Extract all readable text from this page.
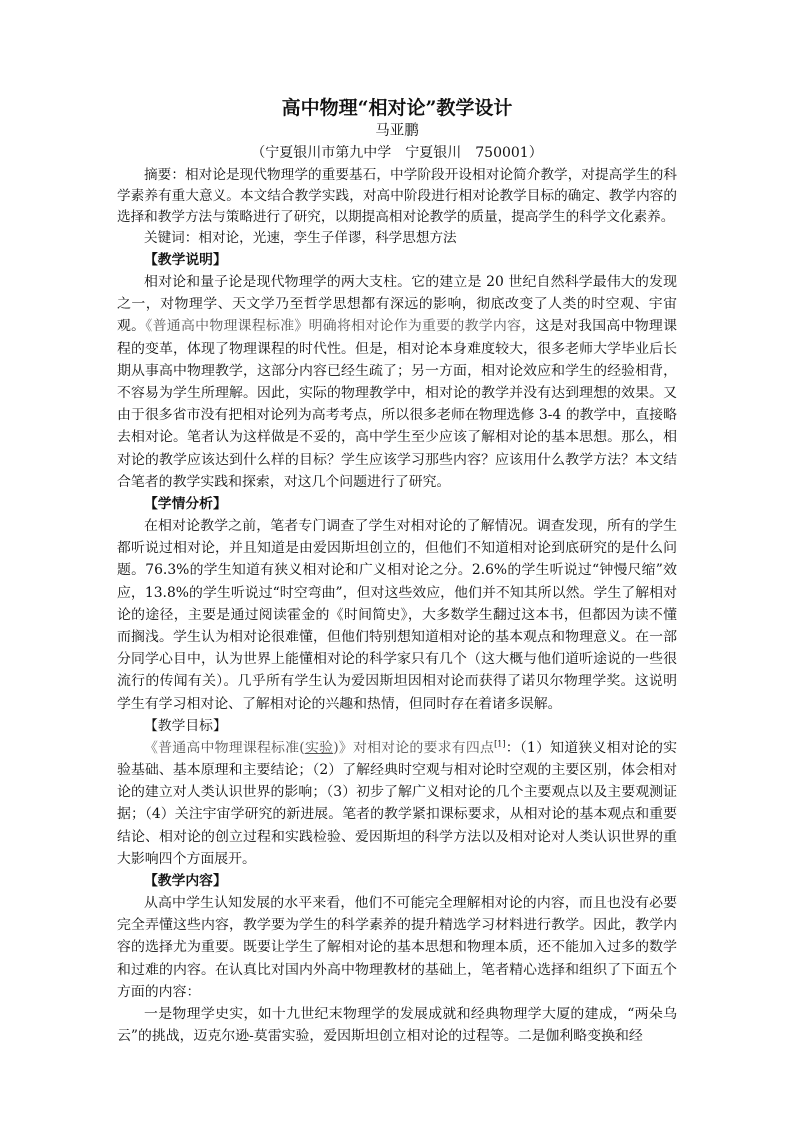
高中物理“相对论”教学设计
马亚鹏
（宁夏银川市第九中学　宁夏银川　750001）

摘要：相对论是现代物理学的重要基石，中学阶段开设相对论简介教学，对提高学生的科学素养有重大意义。本文结合教学实践，对高中阶段进行相对论教学目标的确定、教学内容的选择和教学方法与策略进行了研究，以期提高相对论教学的质量，提高学生的科学文化素养。

关键词：相对论，光速，孪生子佯谬，科学思想方法

【教学说明】

相对论和量子论是现代物理学的两大支柱。它的建立是 20 世纪自然科学最伟大的发现之一，对物理学、天文学乃至哲学思想都有深远的影响，彻底改变了人类的时空观、宇宙观。《普通高中物理课程标准》明确将相对论作为重要的教学内容，这是对我国高中物理课程的变革，体现了物理课程的时代性。但是，相对论本身难度较大，很多老师大学毕业后长期从事高中物理教学，这部分内容已经生疏了；另一方面，相对论效应和学生的经验相背，不容易为学生所理解。因此，实际的物理教学中，相对论的教学并没有达到理想的效果。又由于很多省市没有把相对论列为高考考点，所以很多老师在物理选修 3-4 的教学中，直接略去相对论。笔者认为这样做是不妥的，高中学生至少应该了解相对论的基本思想。那么，相对论的教学应该达到什么样的目标？学生应该学习那些内容？应该用什么教学方法？本文结合笔者的教学实践和探索，对这几个问题进行了研究。

【学情分析】

在相对论教学之前，笔者专门调查了学生对相对论的了解情况。调查发现，所有的学生都听说过相对论，并且知道是由爱因斯坦创立的，但他们不知道相对论到底研究的是什么问题。76.3%的学生知道有狭义相对论和广义相对论之分。2.6%的学生听说过“钟慢尺缩”效应，13.8%的学生听说过“时空弯曲”，但对这些效应，他们并不知其所以然。学生了解相对论的途径，主要是通过阅读霍金的《时间简史》，大多数学生翻过这本书，但都因为读不懂而搁浅。学生认为相对论很难懂，但他们特别想知道相对论的基本观点和物理意义。在一部分同学心目中，认为世界上能懂相对论的科学家只有几个（这大概与他们道听途说的一些很流行的传闻有关）。几乎所有学生认为爱因斯坦因相对论而获得了诺贝尔物理学奖。这说明学生有学习相对论、了解相对论的兴趣和热情，但同时存在着诸多误解。

【教学目标】

《普通高中物理课程标准(实验)》对相对论的要求有四点[1]：（1）知道狭义相对论的实验基础、基本原理和主要结论；（2）了解经典时空观与相对论时空观的主要区别，体会相对论的建立对人类认识世界的影响；（3）初步了解广义相对论的几个主要观点以及主要观测证据；（4）关注宇宙学研究的新进展。笔者的教学紧扣课标要求，从相对论的基本观点和重要结论、相对论的创立过程和实践检验、爱因斯坦的科学方法以及相对论对人类认识世界的重大影响四个方面展开。

【教学内容】

从高中学生认知发展的水平来看，他们不可能完全理解相对论的内容，而且也没有必要完全弄懂这些内容，教学要为学生的科学素养的提升精选学习材料进行教学。因此，教学内容的选择尤为重要。既要让学生了解相对论的基本思想和物理本质，还不能加入过多的数学和过难的内容。在认真比对国内外高中物理教材的基础上，笔者精心选择和组织了下面五个方面的内容：

一是物理学史实，如十九世纪末物理学的发展成就和经典物理学大厦的建成，“两朵乌云”的挑战，迈克尔逊-莫雷实验，爱因斯坦创立相对论的过程等。二是伽利略变换和经
